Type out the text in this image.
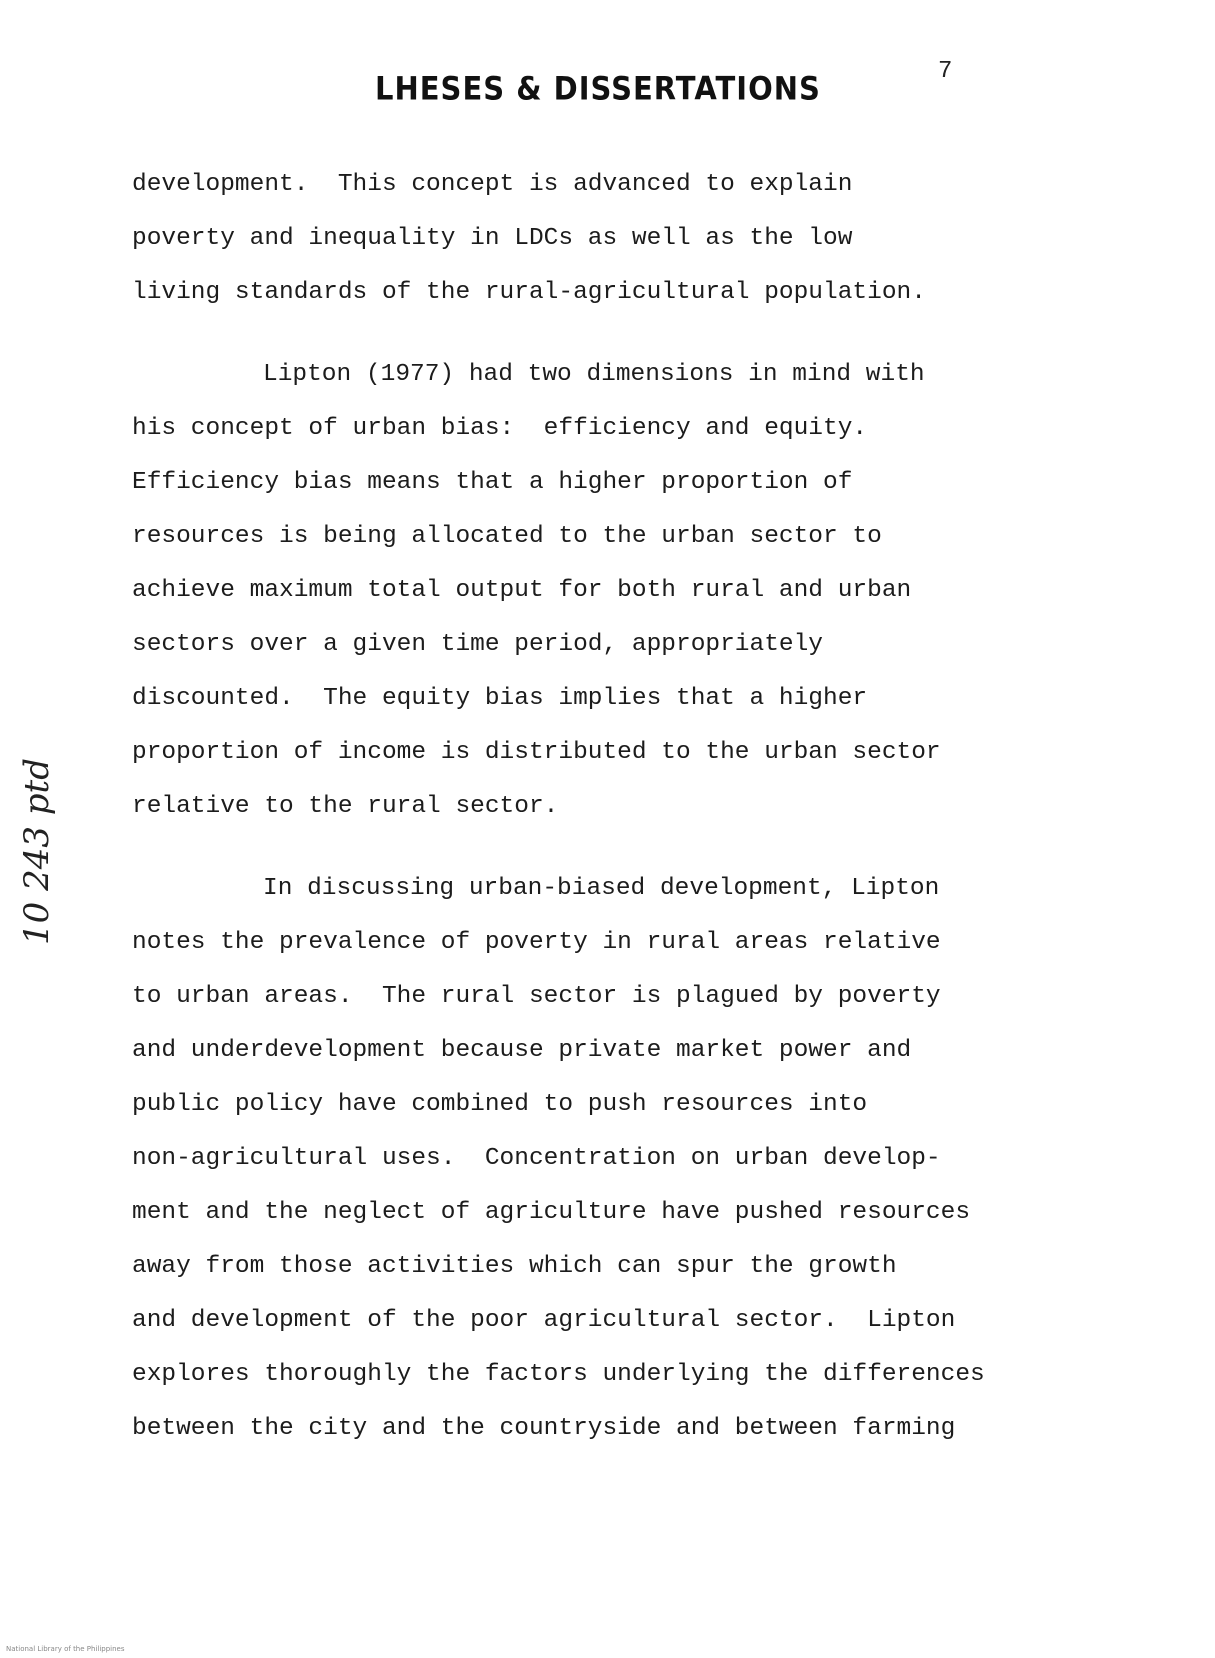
LHESES & DISSERTATIONS	7
10 243 ptd
development.  This concept is advanced to explain
poverty and inequality in LDCs as well as the low
living standards of the rural-agricultural population.
Lipton (1977) had two dimensions in mind with
his concept of urban bias:  efficiency and equity.
Efficiency bias means that a higher proportion of
resources is being allocated to the urban sector to
achieve maximum total output for both rural and urban
sectors over a given time period, appropriately
discounted.  The equity bias implies that a higher
proportion of income is distributed to the urban sector
relative to the rural sector.
In discussing urban-biased development, Lipton
notes the prevalence of poverty in rural areas relative
to urban areas.  The rural sector is plagued by poverty
and underdevelopment because private market power and
public policy have combined to push resources into
non-agricultural uses.  Concentration on urban develop-
ment and the neglect of agriculture have pushed resources
away from those activities which can spur the growth
and development of the poor agricultural sector.  Lipton
explores thoroughly the factors underlying the differences
between the city and the countryside and between farming
National Library of the Philippines
